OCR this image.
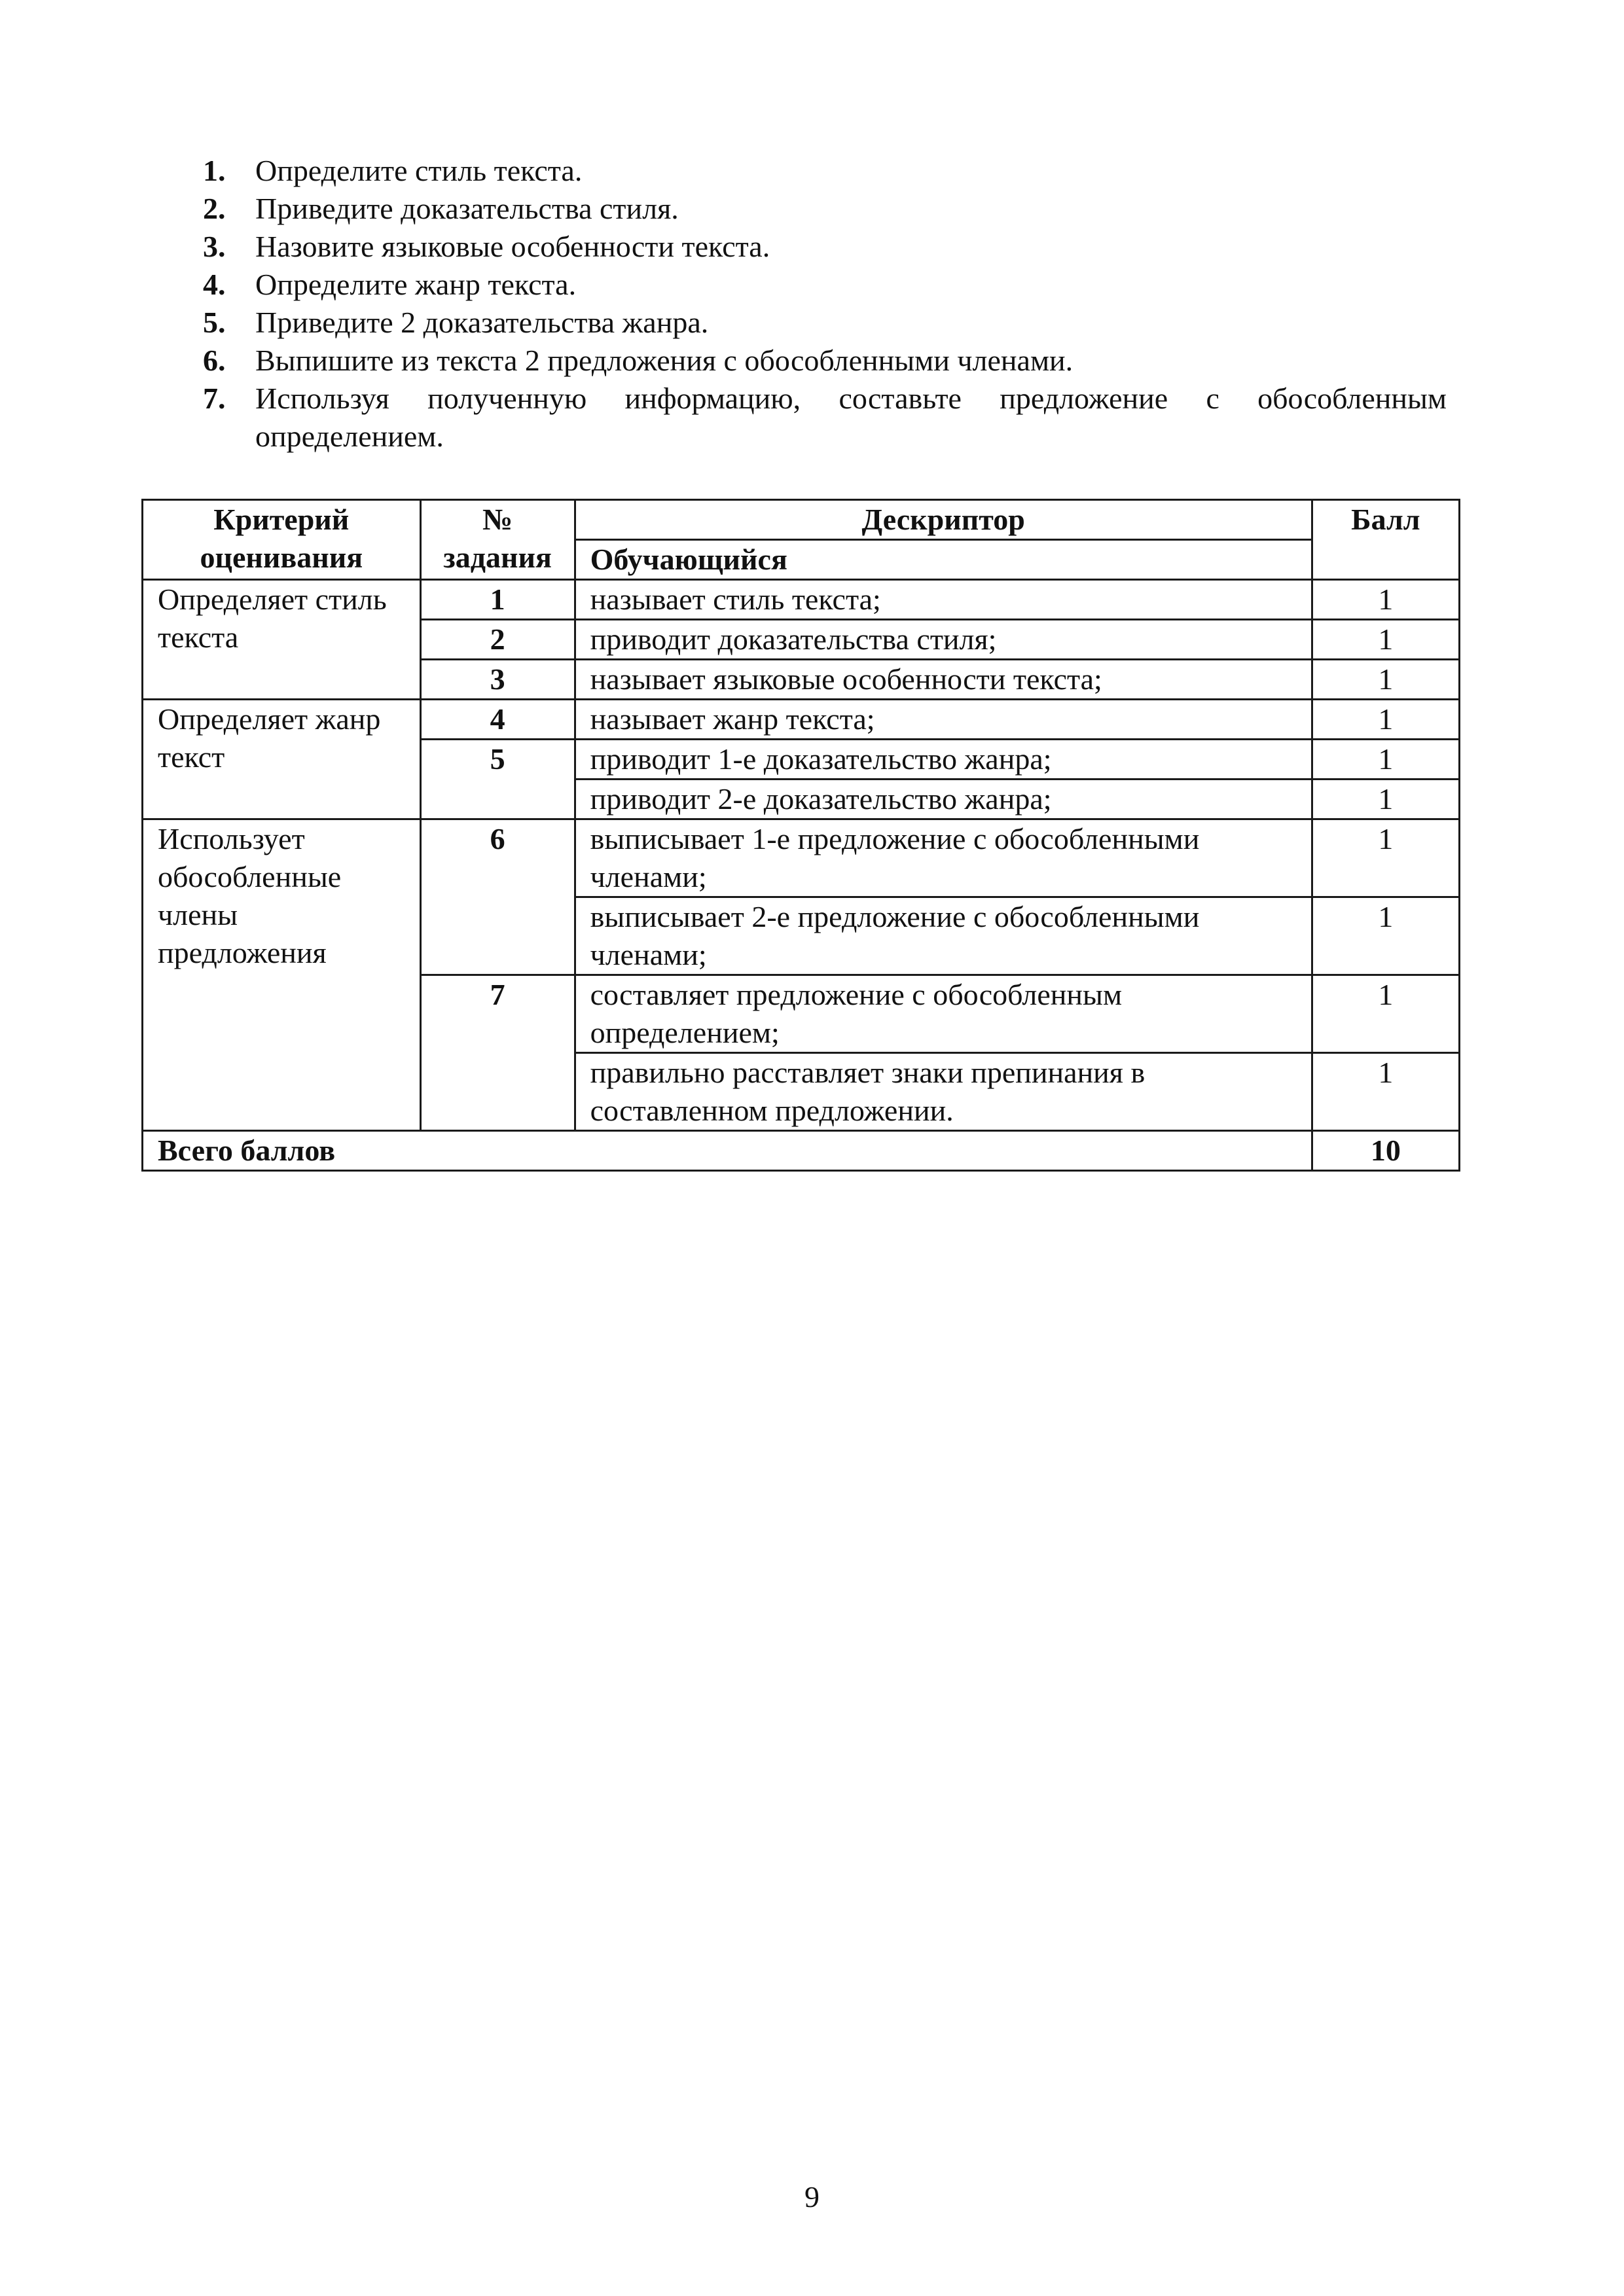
1. Определите стиль текста.
2. Приведите доказательства стиля.
3. Назовите языковые особенности текста.
4. Определите жанр текста.
5. Приведите 2 доказательства жанра.
6. Выпишите из текста 2 предложения с обособленными членами.
7. Используя полученную информацию, составьте предложение с обособленным определением.
Критерий оценивания	№ задания	Дескриптор	Балл
		Обучающийся	
Определяет стиль текста	1	называет стиль текста;	1
	2	приводит доказательства стиля;	1
	3	называет языковые особенности текста;	1
Определяет жанр текст	4	называет жанр текста;	1
	5	приводит 1-е доказательство жанра;	1
		приводит 2-е доказательство жанра;	1
Использует обособленные члены предложения	6	выписывает 1-е предложение с обособленными членами;	1
		выписывает 2-е предложение с обособленными членами;	1
	7	составляет предложение с обособленным определением;	1
		правильно расставляет знаки препинания в составленном предложении.	1
Всего баллов			10
9
